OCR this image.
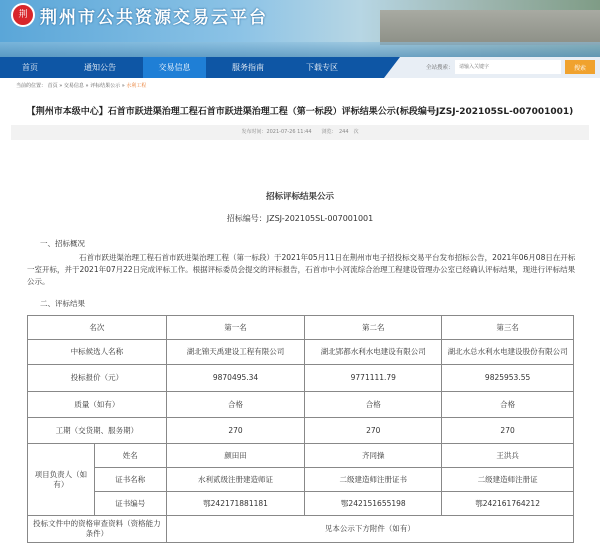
荆 荆州市公共资源交易云平台
首页	通知公告	交易信息	服务指南	下载专区	全站搜索：
请输入关键字	搜索
当前的位置： 首页 » 交易信息 » 评标结果公示 » 水利工程
【荆州市本级中心】石首市跃进渠治理工程石首市跃进渠治理工程（第一标段）评标结果公示(标段编号JZSJ-202105SL-007001001)
发布时间：2021-07-26 11:44　　浏览：　244　次
招标评标结果公示
招标编号：JZSJ-202105SL-007001001
一、招标概况
石首市跃进渠治理工程石首市跃进渠治理工程（第一标段）于2021年05月11日在荆州市电子招投标交易平台发布招标公告，2021年06月08日在开标一室开标，并于2021年07月22日完成评标工作。根据评标委员会提交的评标报告，石首市中小河流综合治理工程建设管理办公室已经确认评标结果，现进行评标结果公示。
二、评标结果
名次		第一名	第二名	第三名
中标候选人名称		湖北锦天禹建设工程有限公司	湖北郢都水利水电建设有限公司	湖北水总水利水电建设股份有限公司
投标报价（元）		9870495.34	9771111.79	9825953.55
质量（如有）		合格	合格	合格
工期（交货期、服务期）		270	270	270
项目负责人（如有）	姓名	颜田田	齐同操	王洪兵
	证书名称	水利贰级注册建造师证	二级建造师注册证书	二级建造师注册证
	证书编号	鄂242171881181	鄂242151655198	鄂242161764212
投标文件中的资格审查资料（资格能力条件）		见本公示下方附件（如有）		
